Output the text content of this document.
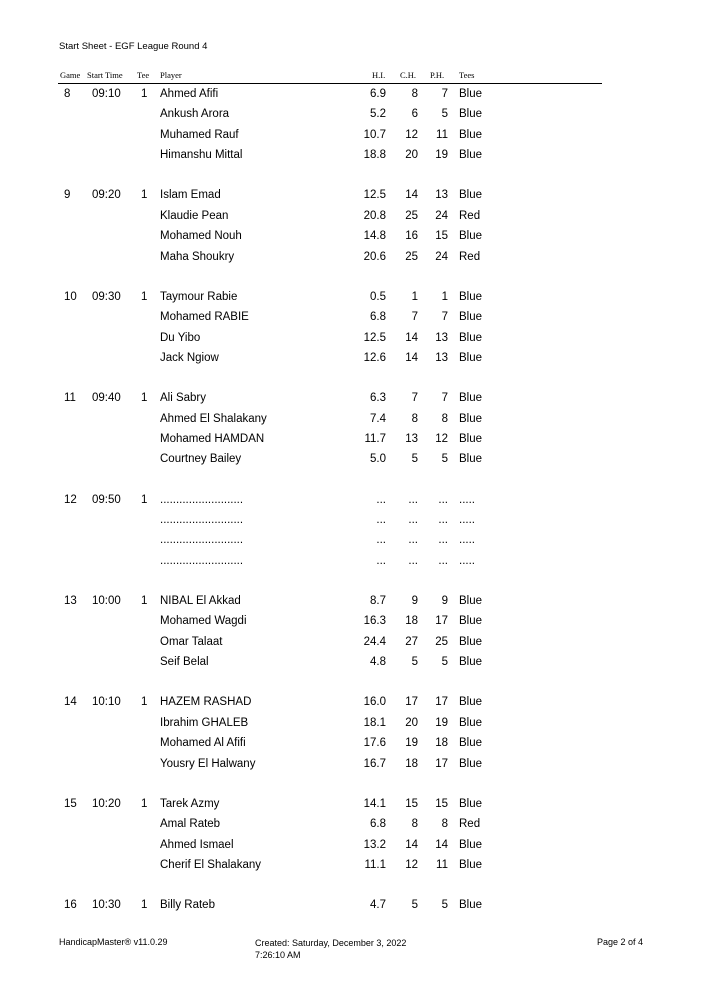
Start Sheet - EGF League Round 4
Game Start Time Tee Player	H.I. C.H. P.H. Tees
8 09:10 1 Ahmed Afifi	6.9 8 7 Blue
Ankush Arora	5.2 6 5 Blue
Muhamed Rauf	10.7 12 11 Blue
Himanshu Mittal	18.8 20 19 Blue
9 09:20 1 Islam Emad	12.5 14 13 Blue
Klaudie Pean	20.8 25 24 Red
Mohamed Nouh	14.8 16 15 Blue
Maha Shoukry	20.6 25 24 Red
10 09:30 1 Taymour Rabie	0.5 1 1 Blue
Mohamed RABIE	6.8 7 7 Blue
Du Yibo	12.5 14 13 Blue
Jack Ngiow	12.6 14 13 Blue
11 09:40 1 Ali Sabry	6.3 7 7 Blue
Ahmed El Shalakany	7.4 8 8 Blue
Mohamed HAMDAN	11.7 13 12 Blue
Courtney Bailey	5.0 5 5 Blue
12 09:50 1 ..........................	... ... ... .....
..........................	... ... ... .....
..........................	... ... ... .....
..........................	... ... ... .....
13 10:00 1 NIBAL El Akkad	8.7 9 9 Blue
Mohamed Wagdi	16.3 18 17 Blue
Omar Talaat	24.4 27 25 Blue
Seif Belal	4.8 5 5 Blue
14 10:10 1 HAZEM RASHAD	16.0 17 17 Blue
Ibrahim GHALEB	18.1 20 19 Blue
Mohamed Al Afifi	17.6 19 18 Blue
Yousry El Halwany	16.7 18 17 Blue
15 10:20 1 Tarek Azmy	14.1 15 15 Blue
Amal Rateb	6.8 8 8 Red
Ahmed Ismael	13.2 14 14 Blue
Cherif El Shalakany	11.1 12 11 Blue
16 10:30 1 Billy Rateb	4.7 5 5 Blue
HandicapMaster® v11.0.29	Created: Saturday, December 3, 2022
7:26:10 AM
Page 2 of 4
